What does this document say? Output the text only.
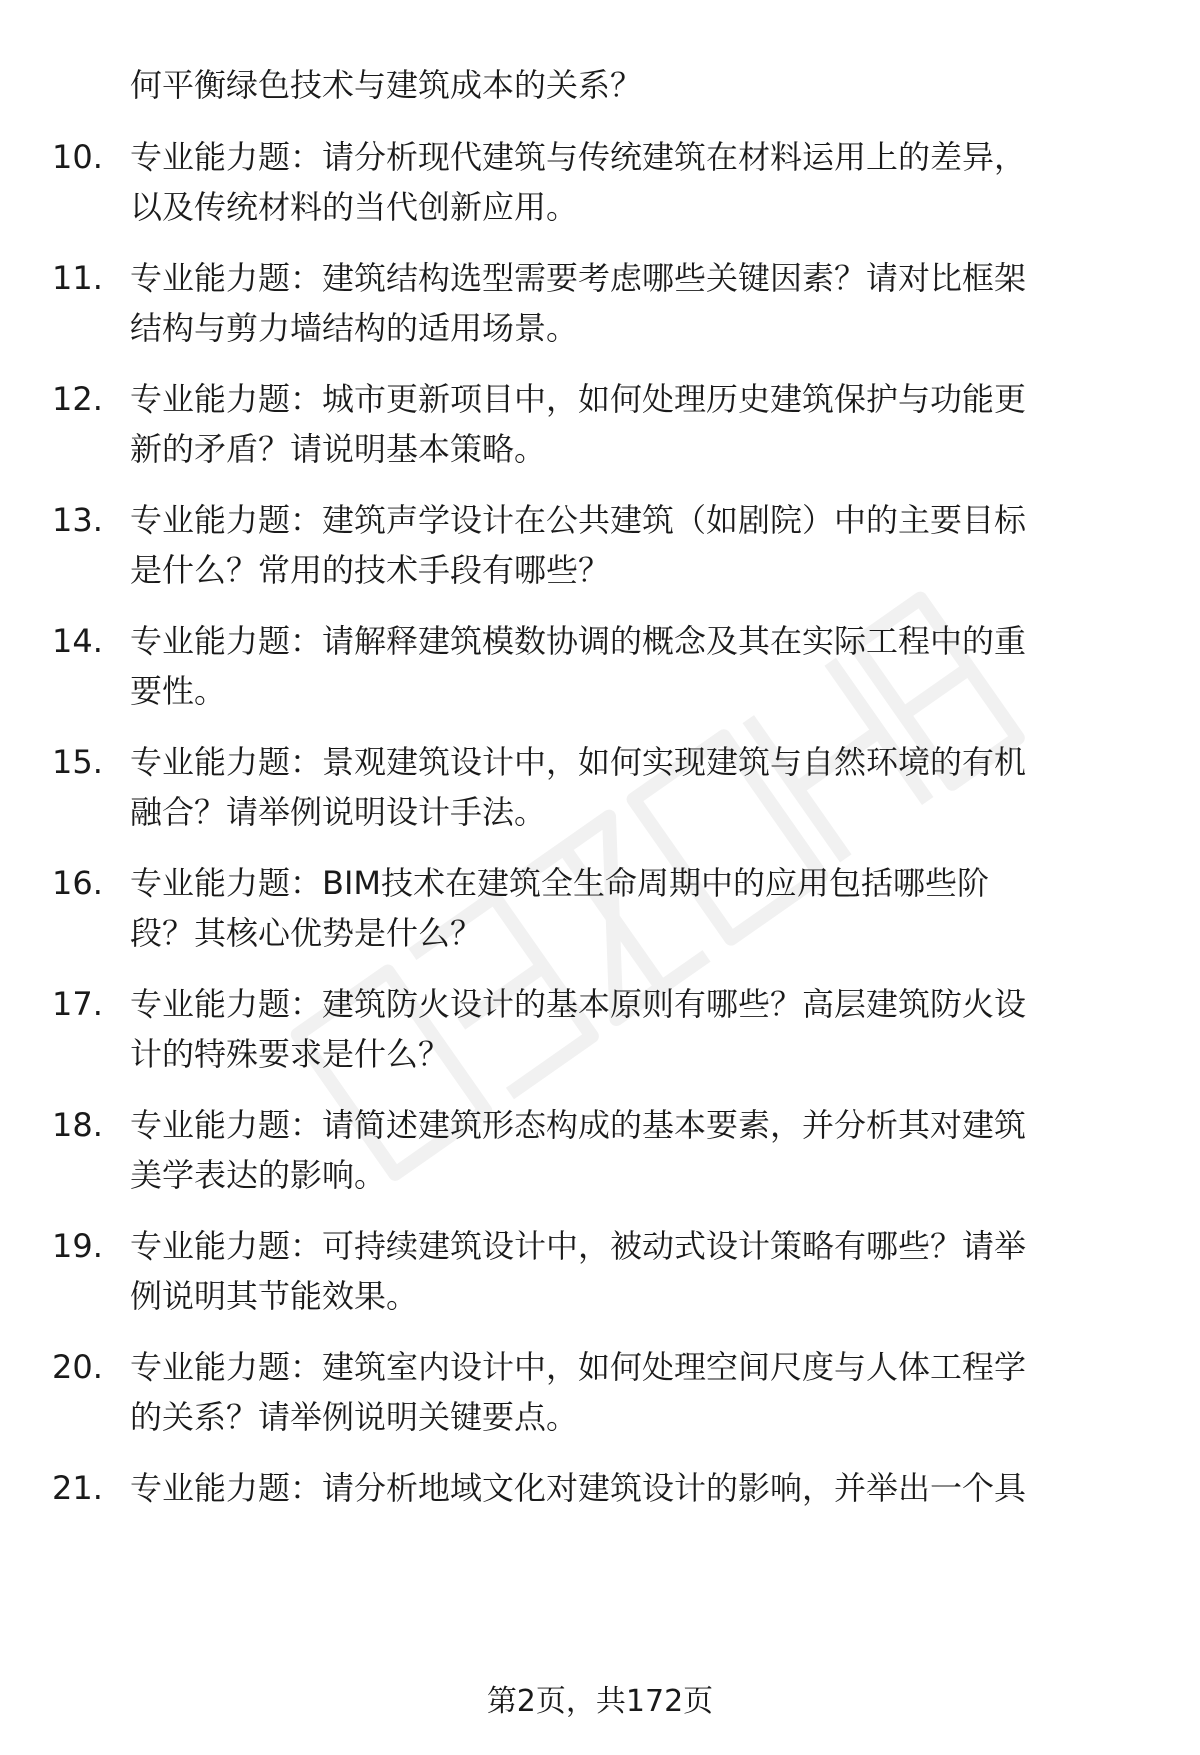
何平衡绿色技术与建筑成本的关系？
10. 专业能力题：请分析现代建筑与传统建筑在材料运用上的差异，
以及传统材料的当代创新应用。
11. 专业能力题：建筑结构选型需要考虑哪些关键因素？请对比框架
结构与剪力墙结构的适用场景。
12. 专业能力题：城市更新项目中，如何处理历史建筑保护与功能更
新的矛盾？请说明基本策略。
13. 专业能力题：建筑声学设计在公共建筑（如剧院）中的主要目标
是什么？常用的技术手段有哪些？
14. 专业能力题：请解释建筑模数协调的概念及其在实际工程中的重
要性。
15. 专业能力题：景观建筑设计中，如何实现建筑与自然环境的有机
融合？请举例说明设计手法。
16. 专业能力题：BIM技术在建筑全生命周期中的应用包括哪些阶
段？其核心优势是什么？
17. 专业能力题：建筑防火设计的基本原则有哪些？高层建筑防火设
计的特殊要求是什么？
18. 专业能力题：请简述建筑形态构成的基本要素，并分析其对建筑
美学表达的影响。
19. 专业能力题：可持续建筑设计中，被动式设计策略有哪些？请举
例说明其节能效果。
20. 专业能力题：建筑室内设计中，如何处理空间尺度与人体工程学
的关系？请举例说明关键要点。
21. 专业能力题：请分析地域文化对建筑设计的影响，并举出一个具
第2页，共172页
